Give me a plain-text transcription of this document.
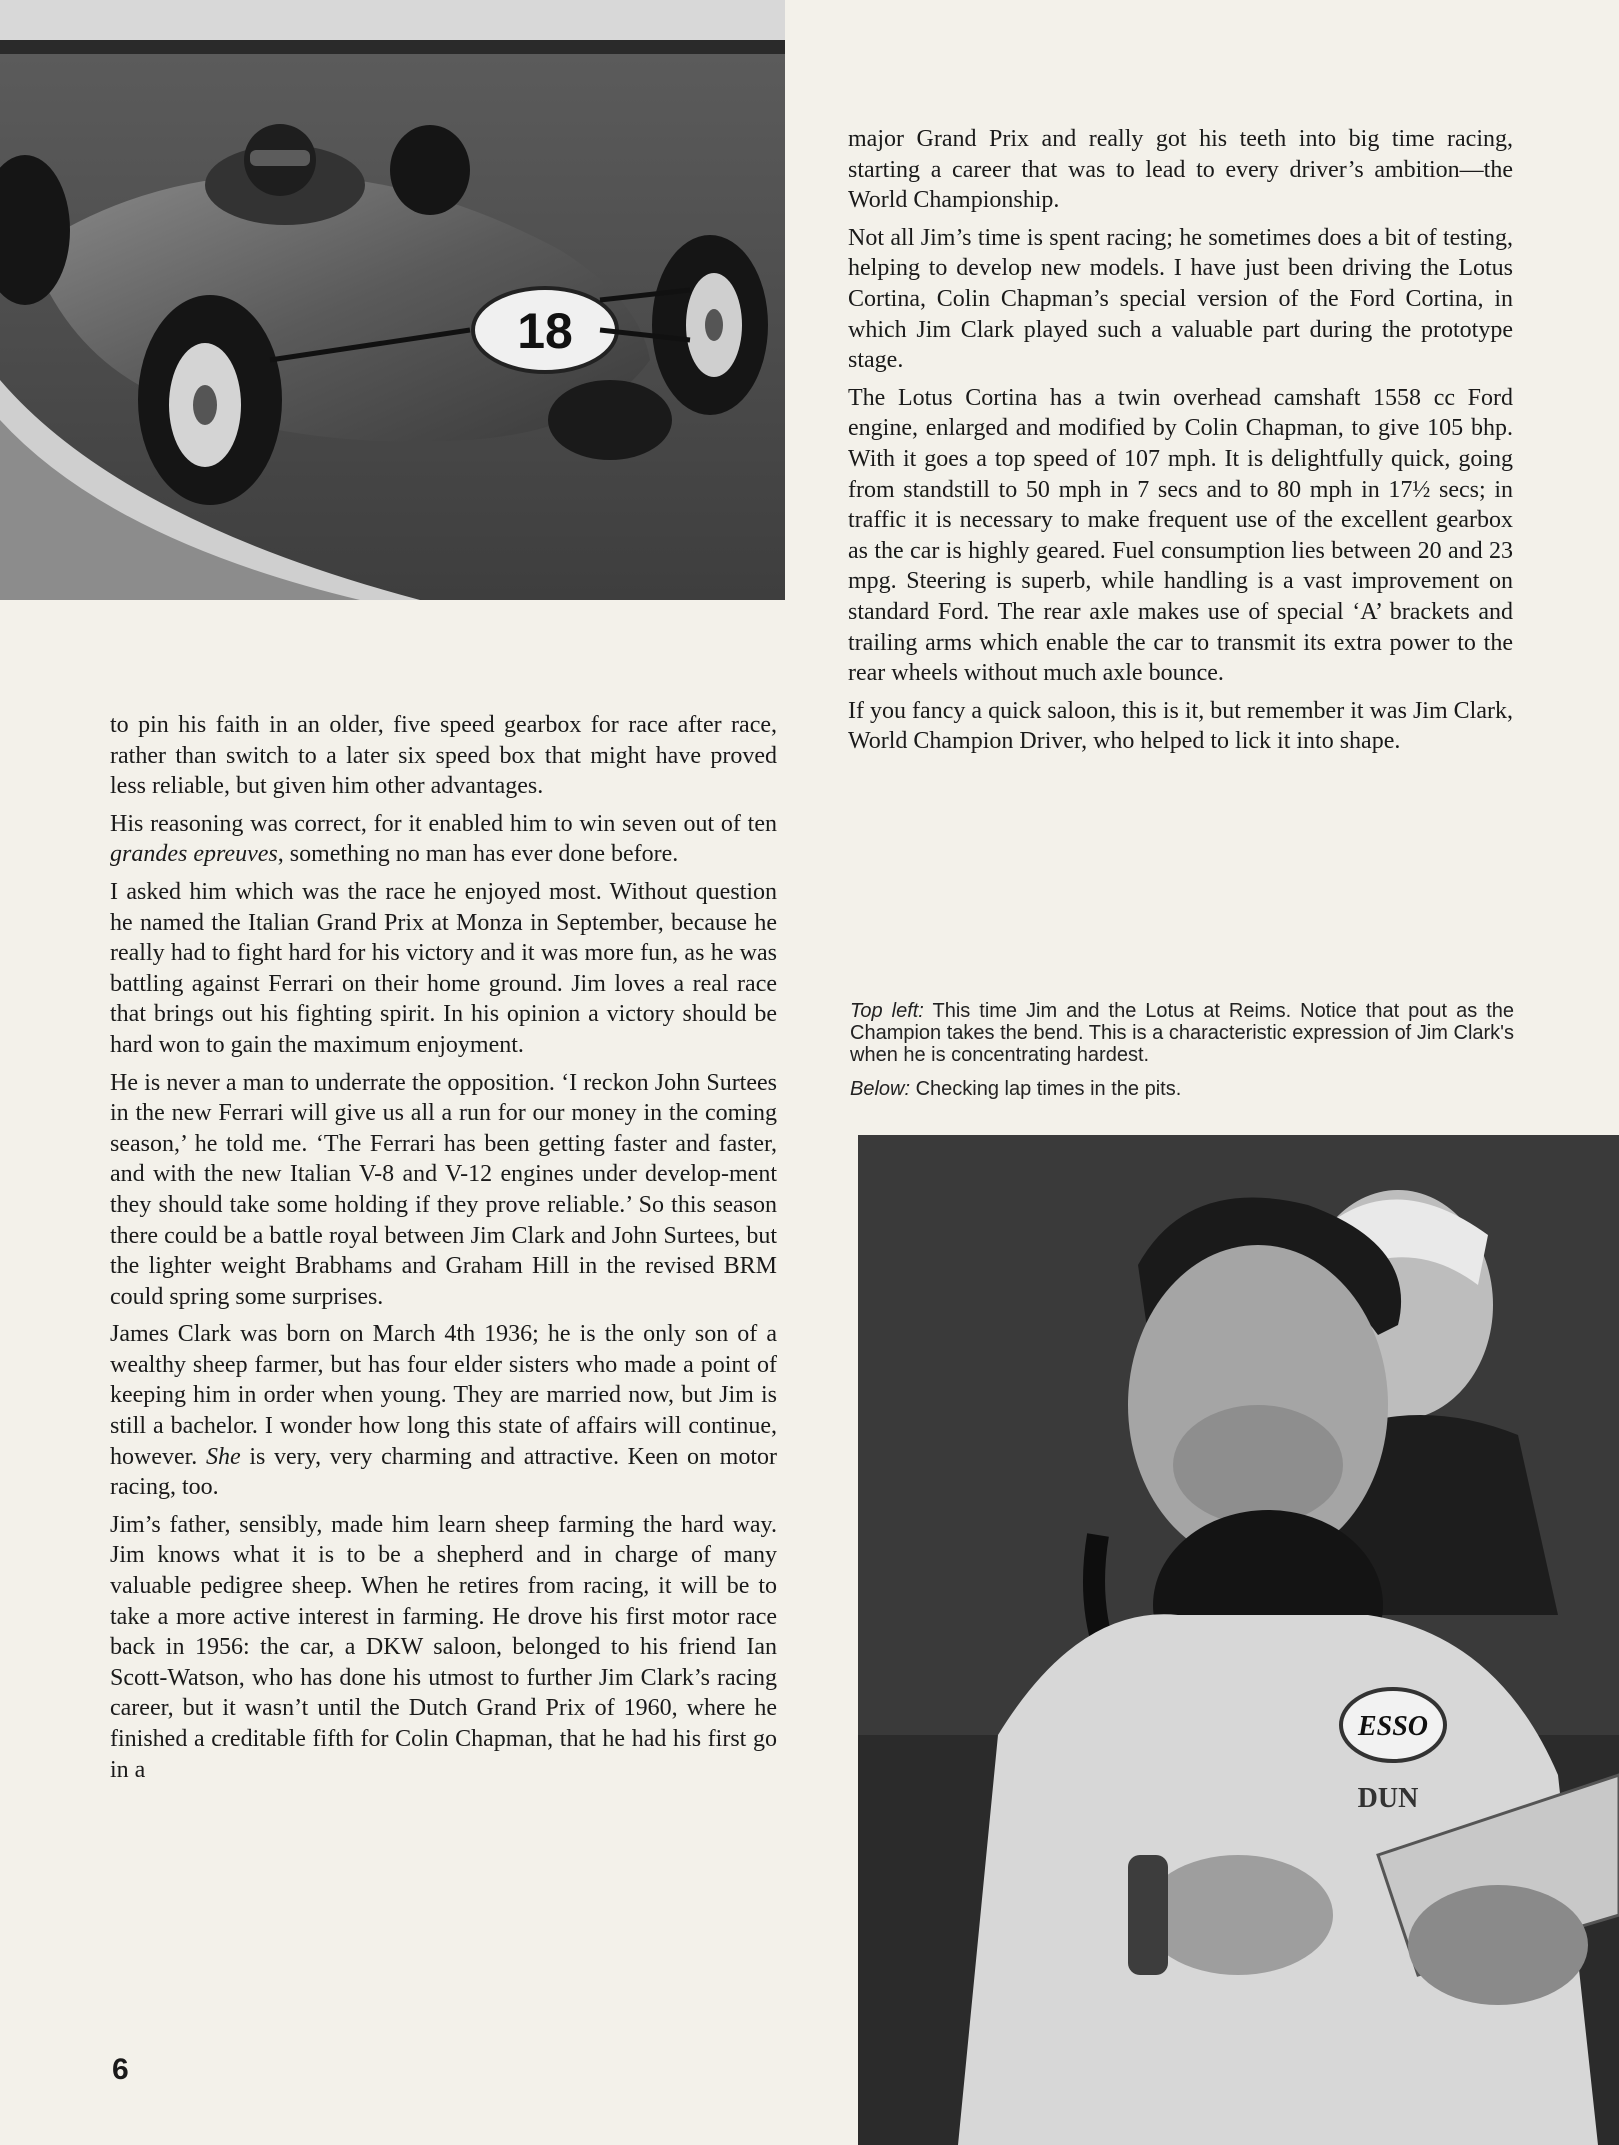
18

to pin his faith in an older, five speed gearbox for race after race, rather than switch to a later six speed box that might have proved less reliable, but given him other advantages.

His reasoning was correct, for it enabled him to win seven out of ten grandes epreuves, something no man has ever done before.

I asked him which was the race he enjoyed most. Without question he named the Italian Grand Prix at Monza in September, because he really had to fight hard for his victory and it was more fun, as he was battling against Ferrari on their home ground. Jim loves a real race that brings out his fighting spirit. In his opinion a victory should be hard won to gain the maximum enjoyment.

He is never a man to underrate the opposition. ‘I reckon John Surtees in the new Ferrari will give us all a run for our money in the coming season,’ he told me. ‘The Ferrari has been getting faster and faster, and with the new Italian V-8 and V-12 engines under develop-ment they should take some holding if they prove reliable.’ So this season there could be a battle royal between Jim Clark and John Surtees, but the lighter weight Brabhams and Graham Hill in the revised BRM could spring some surprises.

James Clark was born on March 4th 1936; he is the only son of a wealthy sheep farmer, but has four elder sisters who made a point of keeping him in order when young. They are married now, but Jim is still a bachelor. I wonder how long this state of affairs will continue, however. She is very, very charming and attractive. Keen on motor racing, too.

Jim’s father, sensibly, made him learn sheep farming the hard way. Jim knows what it is to be a shepherd and in charge of many valuable pedigree sheep. When he retires from racing, it will be to take a more active interest in farming. He drove his first motor race back in 1956: the car, a DKW saloon, belonged to his friend Ian Scott-Watson, who has done his utmost to further Jim Clark’s racing career, but it wasn’t until the Dutch Grand Prix of 1960, where he finished a creditable fifth for Colin Chapman, that he had his first go in a

major Grand Prix and really got his teeth into big time racing, starting a career that was to lead to every driver’s ambition—the World Championship.

Not all Jim’s time is spent racing; he sometimes does a bit of testing, helping to develop new models. I have just been driving the Lotus Cortina, Colin Chapman’s special version of the Ford Cortina, in which Jim Clark played such a valuable part during the prototype stage.

The Lotus Cortina has a twin overhead camshaft 1558 cc Ford engine, enlarged and modified by Colin Chapman, to give 105 bhp. With it goes a top speed of 107 mph. It is delightfully quick, going from standstill to 50 mph in 7 secs and to 80 mph in 17½ secs; in traffic it is necessary to make frequent use of the excellent gearbox as the car is highly geared. Fuel consumption lies between 20 and 23 mpg. Steering is superb, while handling is a vast improvement on standard Ford. The rear axle makes use of special ‘A’ brackets and trailing arms which enable the car to transmit its extra power to the rear wheels without much axle bounce.

If you fancy a quick saloon, this is it, but remember it was Jim Clark, World Champion Driver, who helped to lick it into shape.

Top left: This time Jim and the Lotus at Reims. Notice that pout as the Champion takes the bend. This is a characteristic expression of Jim Clark's when he is concentrating hardest.
Below: Checking lap times in the pits.
ESSO
DUN
6
